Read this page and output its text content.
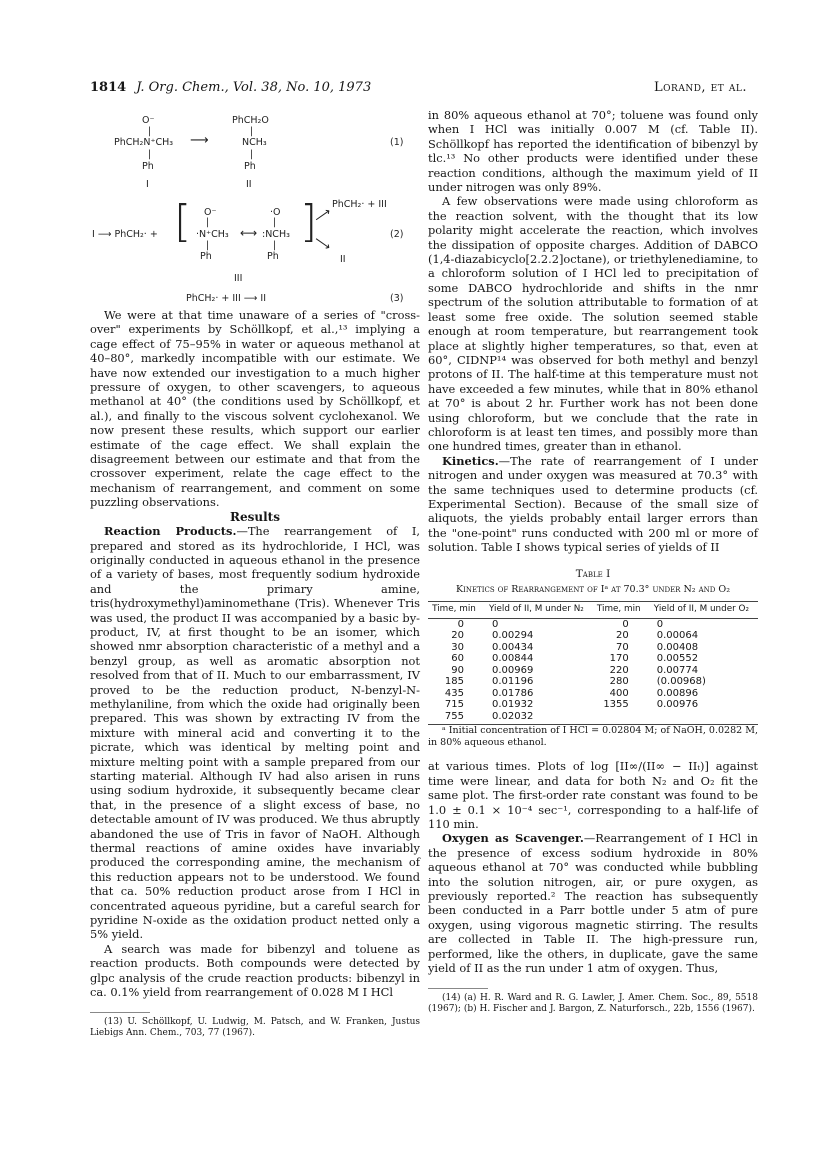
1814 J. Org. Chem., Vol. 38, No. 10, 1973	Lorand, et al.
O⁻
|
PhCH₂N⁺CH₃
|
Ph
I
⟶
PhCH₂O
|
NCH₃
|
Ph
II
(1)
I ⟶ PhCH₂· + [ O⁻
|
·N⁺CH₃
|
Ph
⟷
·O
|
:NCH₃
|
Ph
]
⟶
⟶
PhCH₂· + III
II
III
(2)
PhCH₂· + III ⟶ II	(3)

We were at that time unaware of a series of "cross-over" experiments by Schöllkopf, et al.,¹³ implying a cage effect of 75–95% in water or aqueous methanol at 40–80°, markedly incompatible with our estimate. We have now extended our investigation to a much higher pressure of oxygen, to other scavengers, to aqueous methanol at 40° (the conditions used by Schöllkopf, et al.), and finally to the viscous solvent cyclohexanol. We now present these results, which support our earlier estimate of the cage effect. We shall explain the disagreement between our estimate and that from the crossover experiment, relate the cage effect to the mechanism of rearrangement, and comment on some puzzling observations.

Results

Reaction Products.—The rearrangement of I, prepared and stored as its hydrochloride, I HCl, was originally conducted in aqueous ethanol in the presence of a variety of bases, most frequently sodium hydroxide and the primary amine, tris(hydroxymethyl)aminomethane (Tris). Whenever Tris was used, the product II was accompanied by a basic by-product, IV, at first thought to be an isomer, which showed nmr absorption characteristic of a methyl and a benzyl group, as well as aromatic absorption not resolved from that of II. Much to our embarrassment, IV proved to be the reduction product, N-benzyl-N-methylaniline, from which the oxide had originally been prepared. This was shown by extracting IV from the mixture with mineral acid and converting it to the picrate, which was identical by melting point and mixture melting point with a sample prepared from our starting material. Although IV had also arisen in runs using sodium hydroxide, it subsequently became clear that, in the presence of a slight excess of base, no detectable amount of IV was produced. We thus abruptly abandoned the use of Tris in favor of NaOH. Although thermal reactions of amine oxides have invariably produced the corresponding amine, the mechanism of this reduction appears not to be understood. We found that ca. 50% reduction product arose from I HCl in concentrated aqueous pyridine, but a careful search for pyridine N-oxide as the oxidation product netted only a 5% yield.

A search was made for bibenzyl and toluene as reaction products. Both compounds were detected by glpc analysis of the crude reaction products: bibenzyl in ca. 0.1% yield from rearrangement of 0.028 M I HCl

(13) U. Schöllkopf, U. Ludwig, M. Patsch, and W. Franken, Justus Liebigs Ann. Chem., 703, 77 (1967).

in 80% aqueous ethanol at 70°; toluene was found only when I HCl was initially 0.007 M (cf. Table II). Schöllkopf has reported the identification of bibenzyl by tlc.¹³ No other products were identified under these reaction conditions, although the maximum yield of II under nitrogen was only 89%.

A few observations were made using chloroform as the reaction solvent, with the thought that its low polarity might accelerate the reaction, which involves the dissipation of opposite charges. Addition of DABCO (1,4-diazabicyclo[2.2.2]octane), or triethylenediamine, to a chloroform solution of I HCl led to precipitation of some DABCO hydrochloride and shifts in the nmr spectrum of the solution attributable to formation of at least some free oxide. The solution seemed stable enough at room temperature, but rearrangement took place at slightly higher temperatures, so that, even at 60°, CIDNP¹⁴ was observed for both methyl and benzyl protons of II. The half-time at this temperature must not have exceeded a few minutes, while that in 80% ethanol at 70° is about 2 hr. Further work has not been done using chloroform, but we conclude that the rate in chloroform is at least ten times, and possibly more than one hundred times, greater than in ethanol.

Kinetics.—The rate of rearrangement of I under nitrogen and under oxygen was measured at 70.3° with the same techniques used to determine products (cf. Experimental Section). Because of the small size of aliquots, the yields probably entail larger errors than the "one-point" runs conducted with 200 ml or more of solution. Table I shows typical series of yields of II

Table I
Kinetics of Rearrangement of Iᵃ at 70.3° under N₂ and O₂
Time, min	Yield of II, M under N₂	Time, min	Yield of II, M under O₂
0	0	0	0
20	0.00294	20	0.00064
30	0.00434	70	0.00408
60	0.00844	170	0.00552
90	0.00969	220	0.00774
185	0.01196	280	(0.00968)
435	0.01786	400	0.00896
715	0.01932	1355	0.00976
755	0.02032		

ᵃ Initial concentration of I HCl = 0.02804 M; of NaOH, 0.0282 M, in 80% aqueous ethanol.

at various times. Plots of log [II∞/(II∞ − IIₜ)] against time were linear, and data for both N₂ and O₂ fit the same plot. The first-order rate constant was found to be 1.0 ± 0.1 × 10⁻⁴ sec⁻¹, corresponding to a half-life of 110 min.

Oxygen as Scavenger.—Rearrangement of I HCl in the presence of excess sodium hydroxide in 80% aqueous ethanol at 70° was conducted while bubbling into the solution nitrogen, air, or pure oxygen, as previously reported.² The reaction has subsequently been conducted in a Parr bottle under 5 atm of pure oxygen, using vigorous magnetic stirring. The results are collected in Table II. The high-pressure run, performed, like the others, in duplicate, gave the same yield of II as the run under 1 atm of oxygen. Thus,

(14) (a) H. R. Ward and R. G. Lawler, J. Amer. Chem. Soc., 89, 5518 (1967); (b) H. Fischer and J. Bargon, Z. Naturforsch., 22b, 1556 (1967).
